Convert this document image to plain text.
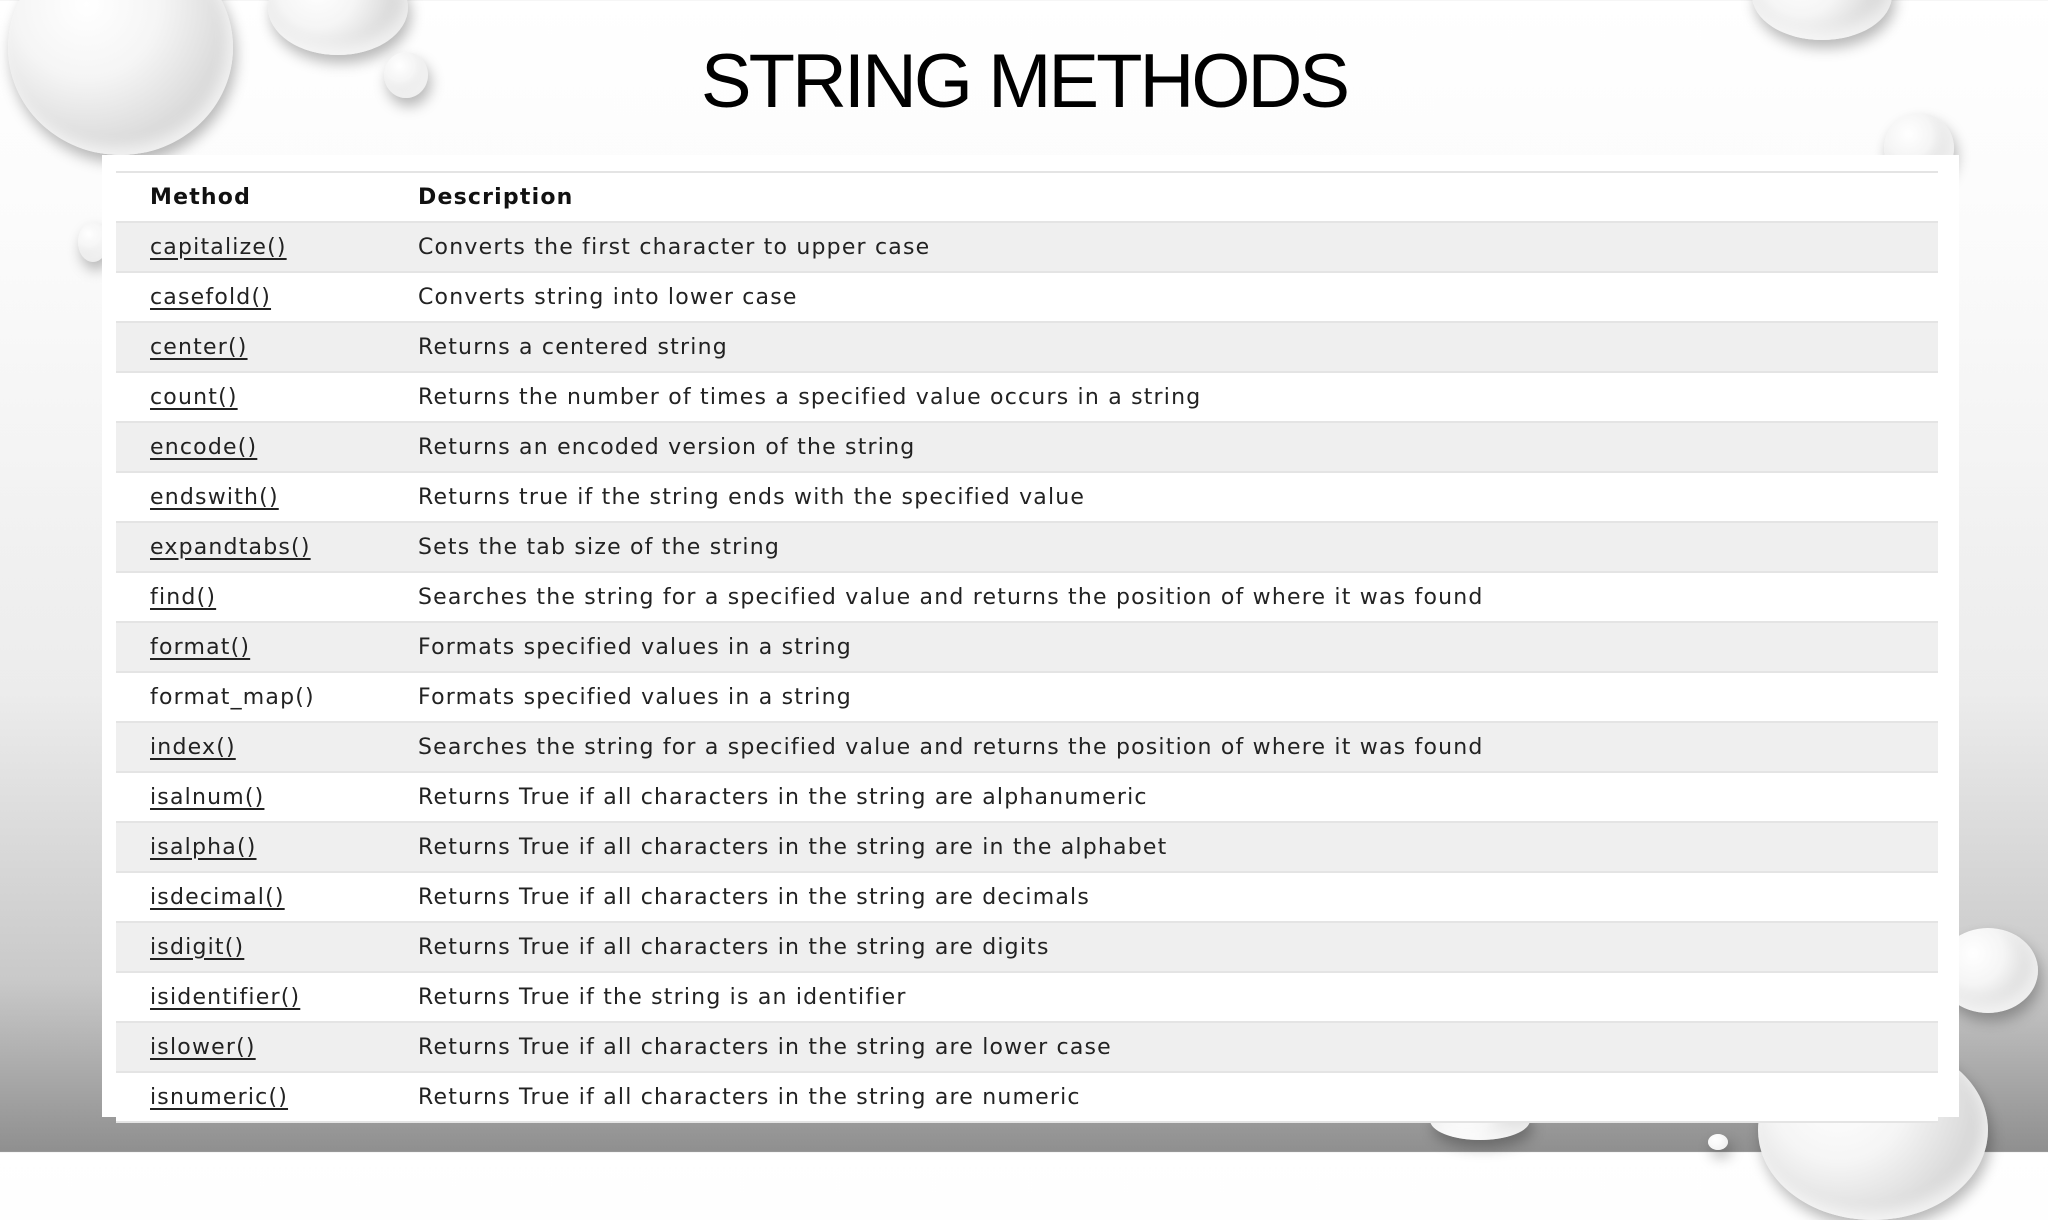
STRING METHODS
Method	Description
capitalize()	Converts the first character to upper case
casefold()	Converts string into lower case
center()	Returns a centered string
count()	Returns the number of times a specified value occurs in a string
encode()	Returns an encoded version of the string
endswith()	Returns true if the string ends with the specified value
expandtabs()	Sets the tab size of the string
find()	Searches the string for a specified value and returns the position of where it was found
format()	Formats specified values in a string
format_map()	Formats specified values in a string
index()	Searches the string for a specified value and returns the position of where it was found
isalnum()	Returns True if all characters in the string are alphanumeric
isalpha()	Returns True if all characters in the string are in the alphabet
isdecimal()	Returns True if all characters in the string are decimals
isdigit()	Returns True if all characters in the string are digits
isidentifier()	Returns True if the string is an identifier
islower()	Returns True if all characters in the string are lower case
isnumeric()	Returns True if all characters in the string are numeric
